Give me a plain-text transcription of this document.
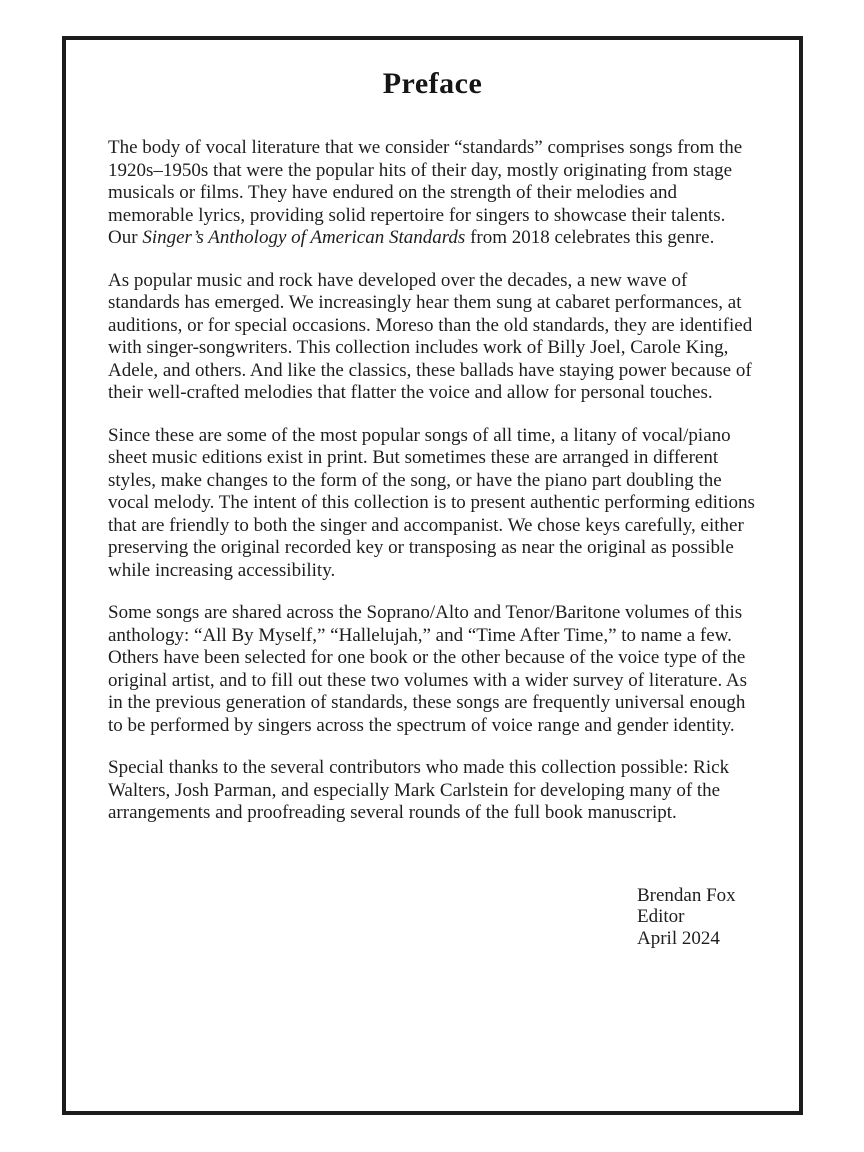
Preface

The body of vocal literature that we consider “standards” comprises songs from the 1920s–1950s that were the popular hits of their day, mostly originating from stage musicals or films. They have endured on the strength of their melodies and memorable lyrics, providing solid repertoire for singers to showcase their talents. Our Singer’s Anthology of American Standards from 2018 celebrates this genre.

As popular music and rock have developed over the decades, a new wave of standards has emerged. We increasingly hear them sung at cabaret performances, at auditions, or for special occasions. Moreso than the old standards, they are identified with singer-songwriters. This collection includes work of Billy Joel, Carole King, Adele, and others. And like the classics, these ballads have staying power because of their well-crafted melodies that flatter the voice and allow for personal touches.

Since these are some of the most popular songs of all time, a litany of vocal/piano sheet music editions exist in print. But sometimes these are arranged in different styles, make changes to the form of the song, or have the piano part doubling the vocal melody. The intent of this collection is to present authentic performing editions that are friendly to both the singer and accompanist. We chose keys carefully, either preserving the original recorded key or transposing as near the original as possible while increasing accessibility.

Some songs are shared across the Soprano/Alto and Tenor/Baritone volumes of this anthology: “All By Myself,” “Hallelujah,” and “Time After Time,” to name a few. Others have been selected for one book or the other because of the voice type of the original artist, and to fill out these two volumes with a wider survey of literature. As in the previous generation of standards, these songs are frequently universal enough to be performed by singers across the spectrum of voice range and gender identity.

Special thanks to the several contributors who made this collection possible: Rick Walters, Josh Parman, and especially Mark Carlstein for developing many of the arrangements and proofreading several rounds of the full book manuscript.

Brendan Fox
Editor
April 2024
